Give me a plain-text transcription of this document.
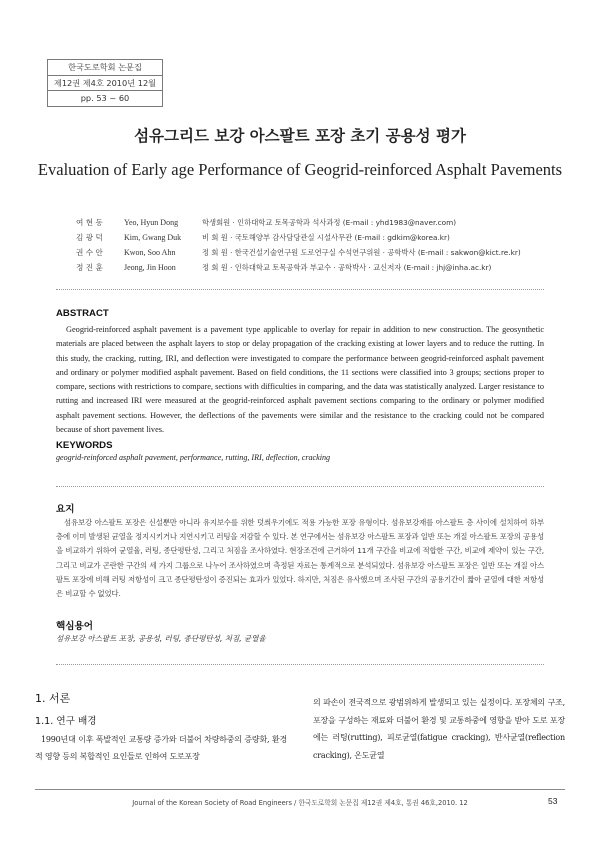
한국도로학회 논문집
제12권 제4호 2010년 12월
pp. 53 ~ 60
섬유그리드 보강 아스팔트 포장 초기 공용성 평가
Evaluation of Early age Performance of Geogrid-reinforced Asphalt Pavements
여 현 동	Yeo, Hyun Dong	학생회원 · 인하대학교 토목공학과 석사과정 (E-mail : yhd1983@naver.com)
김 광 덕	Kim, Gwang Duk	비 회 원 · 국토해양부 감사담당관실 시설사무관 (E-mail : gdkim@korea.kr)
권 수 안	Kwon, Soo Ahn	정 회 원 · 한국건설기술연구원 도로연구실 수석연구위원 · 공학박사 (E-mail : sakwon@kict.re.kr)
정 진 훈	Jeong, Jin Hoon	정 회 원 · 인하대학교 토목공학과 부교수 · 공학박사 · 교신저자 (E-mail : jhj@inha.ac.kr)
ABSTRACT

Geogrid-reinforced asphalt pavement is a pavement type applicable to overlay for repair in addition to new construction. The geosynthetic materials are placed between the asphalt layers to stop or delay propagation of the cracking existing at lower layers and to reduce the rutting. In this study, the cracking, rutting, IRI, and deflection were investigated to compare the performance between geogrid-reinforced asphalt pavement and ordinary or polymer modified asphalt pavement. Based on field conditions, the 11 sections were classified into 3 groups; sections proper to compare, sections with restrictions to compare, sections with difficulties in comparing, and the data was statistically analyzed. Larger resistance to rutting and increased IRI were measured at the geogrid-reinforced asphalt pavement sections comparing to the ordinary or polymer modified asphalt pavement sections. However, the deflections of the pavements were similar and the resistance to the cracking could not be compared because of short pavement lives.

KEYWORDS
geogrid-reinforced asphalt pavement, performance, rutting, IRI, deflection, cracking
요지

섬유보강 아스팔트 포장은 신설뿐만 아니라 유지보수를 위한 덧씌우기에도 적용 가능한 포장 유형이다. 섬유보강재를 아스팔트 층 사이에 설치하여 하부 층에 이미 발생된 균열을 정지시키거나 지연시키고 러팅을 저감할 수 있다. 본 연구에서는 섬유보강 아스팔트 포장과 일반 또는 개질 아스팔트 포장의 공용성을 비교하기 위하여 균열율, 러팅, 종단평탄성, 그리고 처짐을 조사하였다. 현장조건에 근거하여 11개 구간을 비교에 적합한 구간, 비교에 제약이 있는 구간, 그리고 비교가 곤란한 구간의 세 가지 그룹으로 나누어 조사하였으며 측정된 자료는 통계적으로 분석되었다. 섬유보강 아스팔트 포장은 일반 또는 개질 아스팔트 포장에 비해 러팅 저항성이 크고 종단평탄성이 증진되는 효과가 있었다. 하지만, 처짐은 유사했으며 조사된 구간의 공용기간이 짧아 균열에 대한 저항성은 비교할 수 없었다.

핵심용어
섬유보강 아스팔트 포장, 공용성, 러팅, 종단평탄성, 처짐, 균열율
1. 서론
1.1. 연구 배경

1990년대 이후 폭발적인 교통량 증가와 더불어 차량하중의 증량화, 환경적 영향 등의 복합적인 요인들로 인하여 도로포장

의 파손이 전국적으로 광범위하게 발생되고 있는 실정이다. 포장체의 구조, 포장을 구성하는 재료와 더불어 환경 및 교통하중에 영향을 받아 도로 포장에는 러팅(rutting), 피로균열(fatigue cracking), 반사균열(reflection cracking), 온도균열

Journal of the Korean Society of Road Engineers / 한국도로학회 논문집 제12권 제4호, 통권 46호,2010. 12	53
